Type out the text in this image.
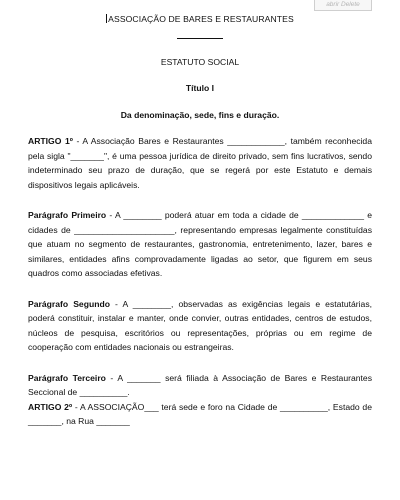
abrir Delete
ASSOCIAÇÃO DE BARES E RESTAURANTES
ESTATUTO SOCIAL
Título I
Da denominação, sede, fins e duração.

ARTIGO 1º - A Associação Bares e Restaurantes ____________, também reconhecida pela sigla "_______", é uma pessoa jurídica de direito privado, sem fins lucrativos, sendo indeterminado seu prazo de duração, que se regerá por este Estatuto e demais dispositivos legais aplicáveis.

Parágrafo Primeiro - A ________ poderá atuar em toda a cidade de _____________ e cidades de _____________________, representando empresas legalmente constituídas que atuam no segmento de restaurantes, gastronomia, entretenimento, lazer, bares e similares, entidades afins comprovadamente ligadas ao setor, que figurem em seus quadros como associadas efetivas.

Parágrafo Segundo - A ________, observadas as exigências legais e estatutárias, poderá constituir, instalar e manter, onde convier, outras entidades, centros de estudos, núcleos de pesquisa, escritórios ou representações, próprias ou em regime de cooperação com entidades nacionais ou estrangeiras.

Parágrafo Terceiro - A _______ será filiada à Associação de Bares e Restaurantes Seccional de __________.

ARTIGO 2º - A ASSOCIAÇÃO___ terá sede e foro na Cidade de __________, Estado de _______, na Rua _______
